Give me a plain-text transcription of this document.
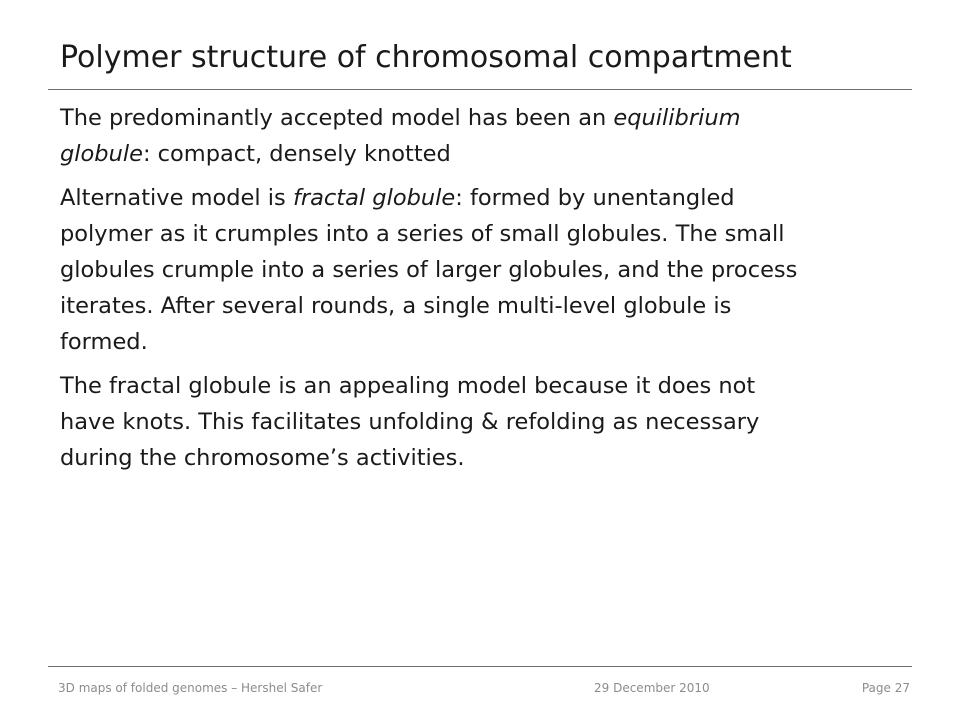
Polymer structure of chromosomal compartment

The predominantly accepted model has been an equilibrium
globule: compact, densely knotted

Alternative model is fractal globule: formed by unentangled
polymer as it crumples into a series of small globules. The small
globules crumple into a series of larger globules, and the process
iterates. After several rounds, a single multi-level globule is
formed.

The fractal globule is an appealing model because it does not
have knots. This facilitates unfolding & refolding as necessary
during the chromosome’s activities.

3D maps of folded genomes – Hershel Safer	29 December 2010	Page 27
